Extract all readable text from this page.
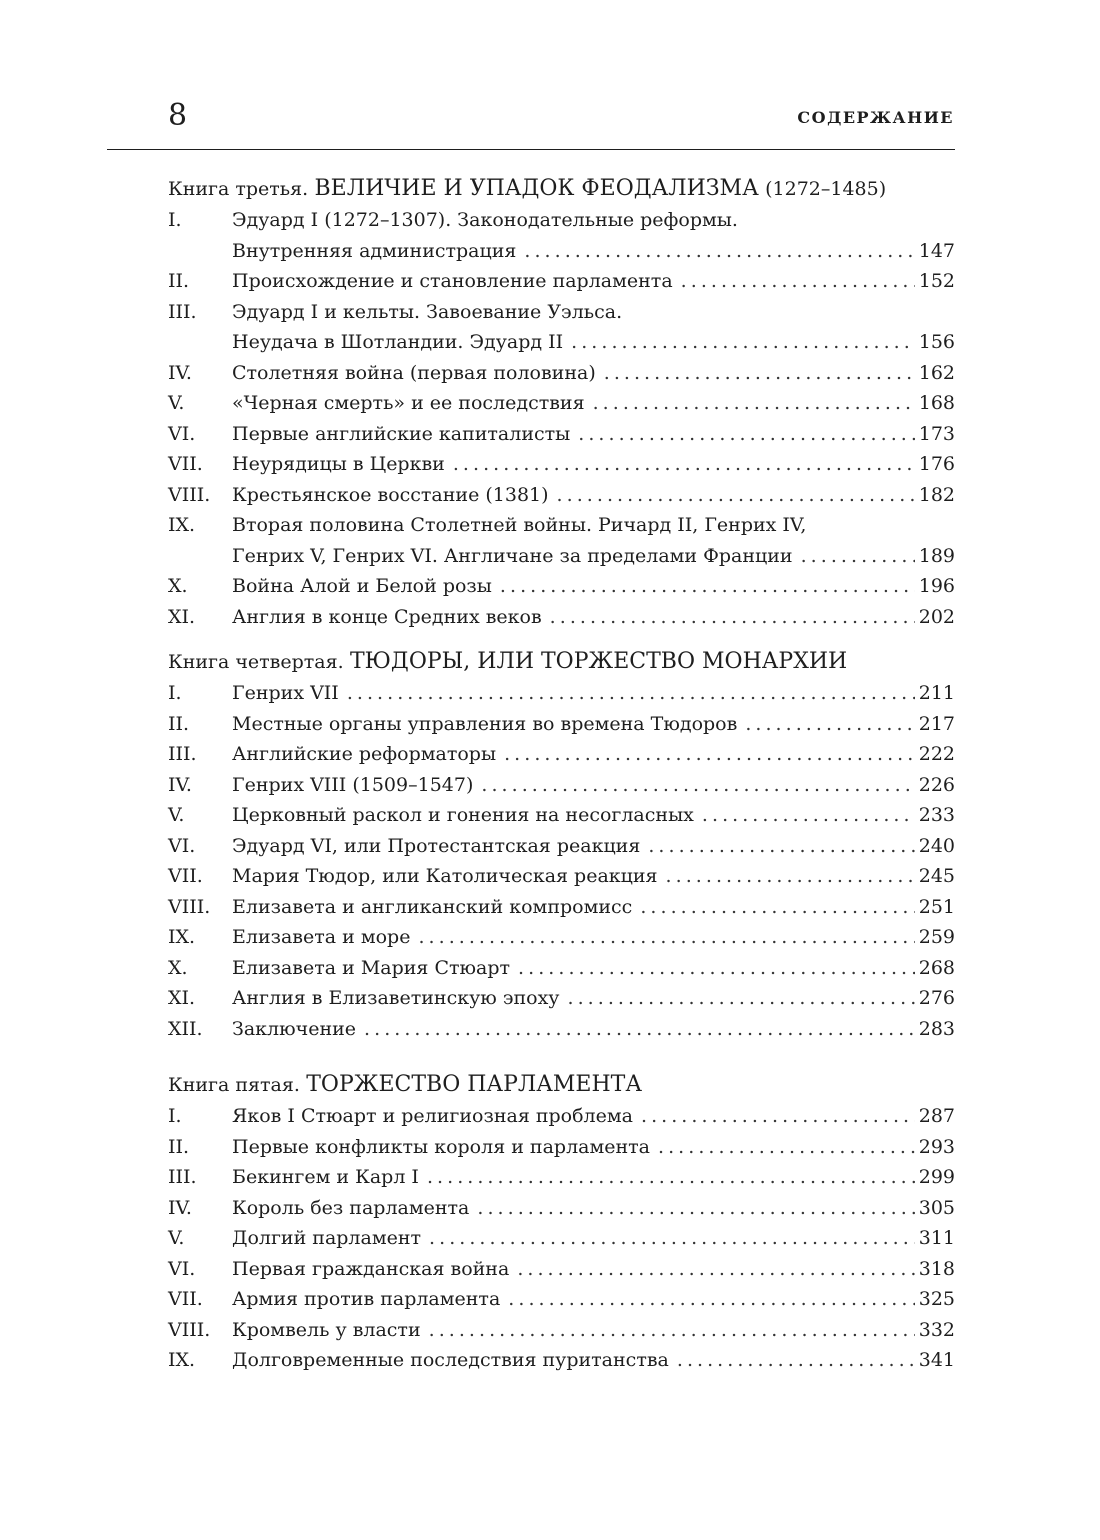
8	СОДЕРЖАНИЕ
Книга третья. ВЕЛИЧИЕ И УПАДОК ФЕОДАЛИЗМА (1272–1485)
I.	Эдуард I (1272–1307). Законодательные реформы.
Внутренняя администрация . . .	147
II.	Происхождение и становление парламента . . .	152
III.	Эдуард I и кельты. Завоевание Уэльса.
Неудача в Шотландии. Эдуард II . . .	156
IV.	Столетняя война (первая половина) . . .	162
V.	«Черная смерть» и ее последствия . . .	168
VI.	Первые английские капиталисты . . .	173
VII.	Неурядицы в Церкви . . .	176
VIII.	Крестьянское восстание (1381) . . .	182
IX.	Вторая половина Столетней войны. Ричард II, Генрих IV,
Генрих V, Генрих VI. Англичане за пределами Франции . . .	189
X.	Война Алой и Белой розы . . .	196
XI.	Англия в конце Средних веков . . .	202
Книга четвертая. ТЮДОРЫ, ИЛИ ТОРЖЕСТВО МОНАРХИИ
I.	Генрих VII . . .	211
II.	Местные органы управления во времена Тюдоров . . .	217
III.	Английские реформаторы . . .	222
IV.	Генрих VIII (1509–1547) . . .	226
V.	Церковный раскол и гонения на несогласных . . .	233
VI.	Эдуард VI, или Протестантская реакция . . .	240
VII.	Мария Тюдор, или Католическая реакция . . .	245
VIII.	Елизавета и англиканский компромисс . . .	251
IX.	Елизавета и море . . .	259
X.	Елизавета и Мария Стюарт . . .	268
XI.	Англия в Елизаветинскую эпоху . . .	276
XII.	Заключение . . .	283
Книга пятая. ТОРЖЕСТВО ПАРЛАМЕНТА
I.	Яков I Стюарт и религиозная проблема . . .	287
II.	Первые конфликты короля и парламента . . .	293
III.	Бекингем и Карл I . . .	299
IV.	Король без парламента . . .	305
V.	Долгий парламент . . .	311
VI.	Первая гражданская война . . .	318
VII.	Армия против парламента . . .	325
VIII.	Кромвель у власти . . .	332
IX.	Долговременные последствия пуританства . . .	341
